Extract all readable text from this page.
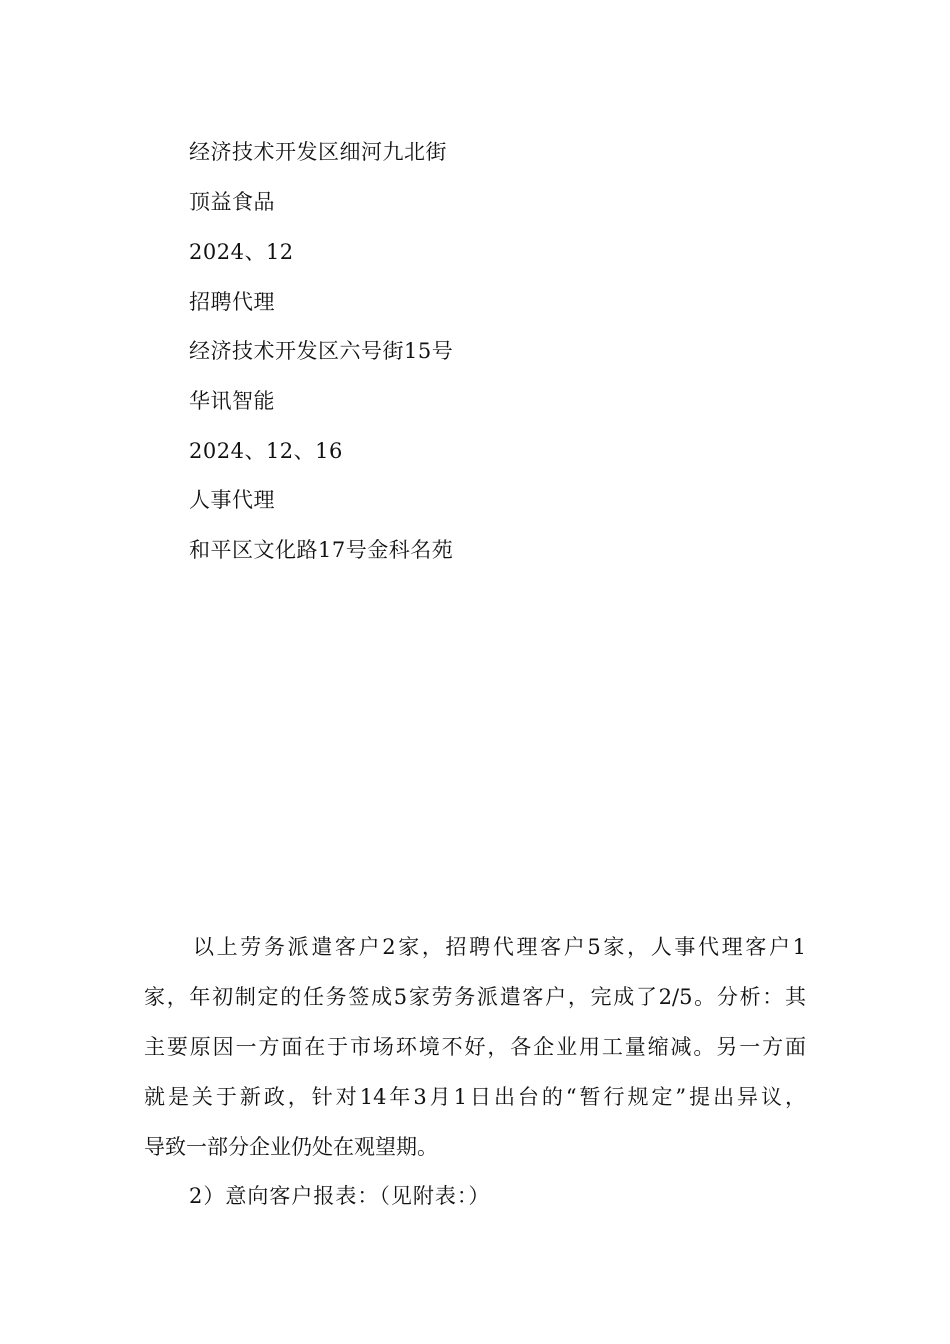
经济技术开发区细河九北街
顶益食品
2024、12
招聘代理
经济技术开发区六号街15号
华讯智能
2024、12、16
人事代理
和平区文化路17号金科名苑
以上劳务派遣客户2家，招聘代理客户5家，人事代理客户1
家，年初制定的任务签成5家劳务派遣客户，完成了2/5。分析：其
主要原因一方面在于市场环境不好，各企业用工量缩减。另一方面
就是关于新政，针对14年3月1日出台的“暂行规定”提出异议，
导致一部分企业仍处在观望期。
2）意向客户报表：（见附表：）
